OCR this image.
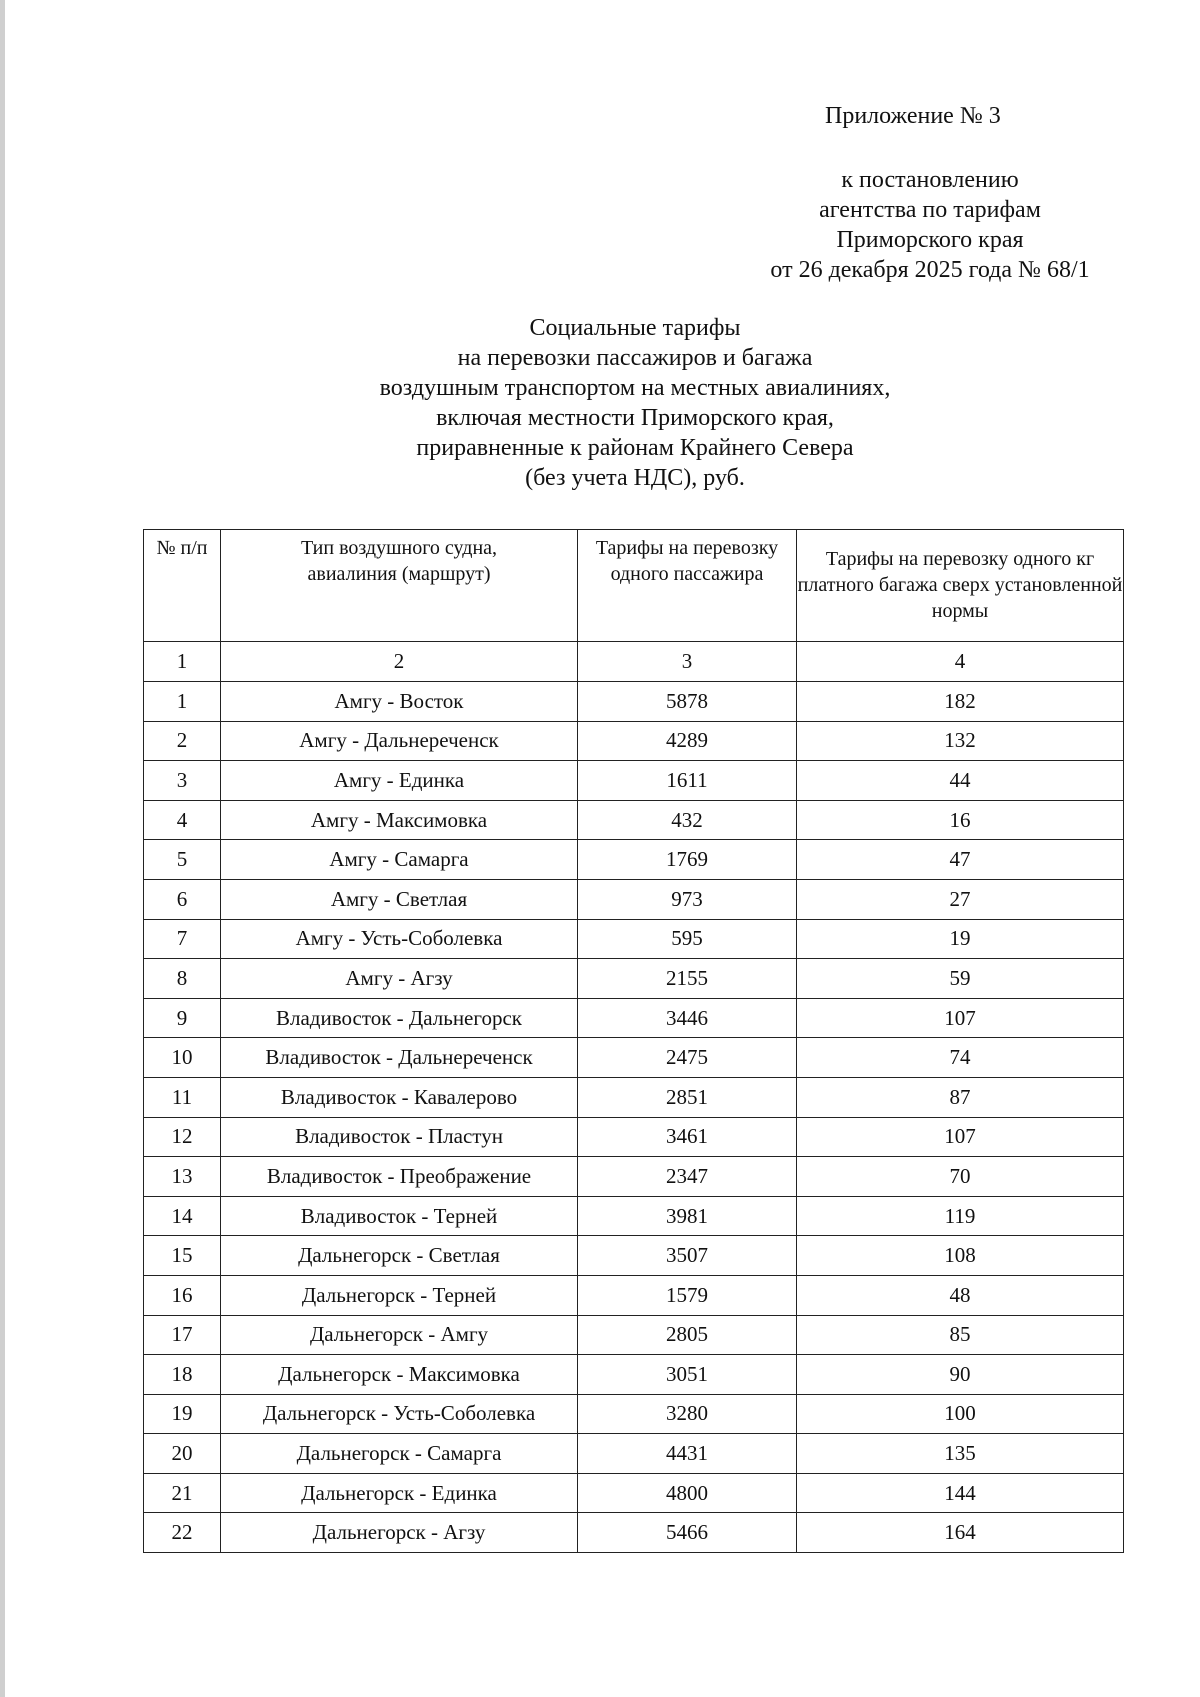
Приложение № 3
к постановлению
агентства по тарифам
Приморского края
от 26 декабря 2025 года № 68/1
Социальные тарифы
на перевозки пассажиров и багажа
воздушным транспортом на местных авиалиниях,
включая местности Приморского края,
приравненные к районам Крайнего Севера
(без учета НДС), руб.
№ п/п	Тип воздушного судна, авиалиния (маршрут)	Тарифы на перевозку одного пассажира	Тарифы на перевозку одного кг платного багажа сверх установленной нормы
1	2	3	4
1	Амгу - Восток	5878	182
2	Амгу - Дальнереченск	4289	132
3	Амгу - Единка	1611	44
4	Амгу - Максимовка	432	16
5	Амгу - Самарга	1769	47
6	Амгу - Светлая	973	27
7	Амгу - Усть-Соболевка	595	19
8	Амгу - Агзу	2155	59
9	Владивосток - Дальнегорск	3446	107
10	Владивосток - Дальнереченск	2475	74
11	Владивосток - Кавалерово	2851	87
12	Владивосток - Пластун	3461	107
13	Владивосток - Преображение	2347	70
14	Владивосток - Терней	3981	119
15	Дальнегорск - Светлая	3507	108
16	Дальнегорск - Терней	1579	48
17	Дальнегорск - Амгу	2805	85
18	Дальнегорск - Максимовка	3051	90
19	Дальнегорск - Усть-Соболевка	3280	100
20	Дальнегорск - Самарга	4431	135
21	Дальнегорск - Единка	4800	144
22	Дальнегорск - Агзу	5466	164
